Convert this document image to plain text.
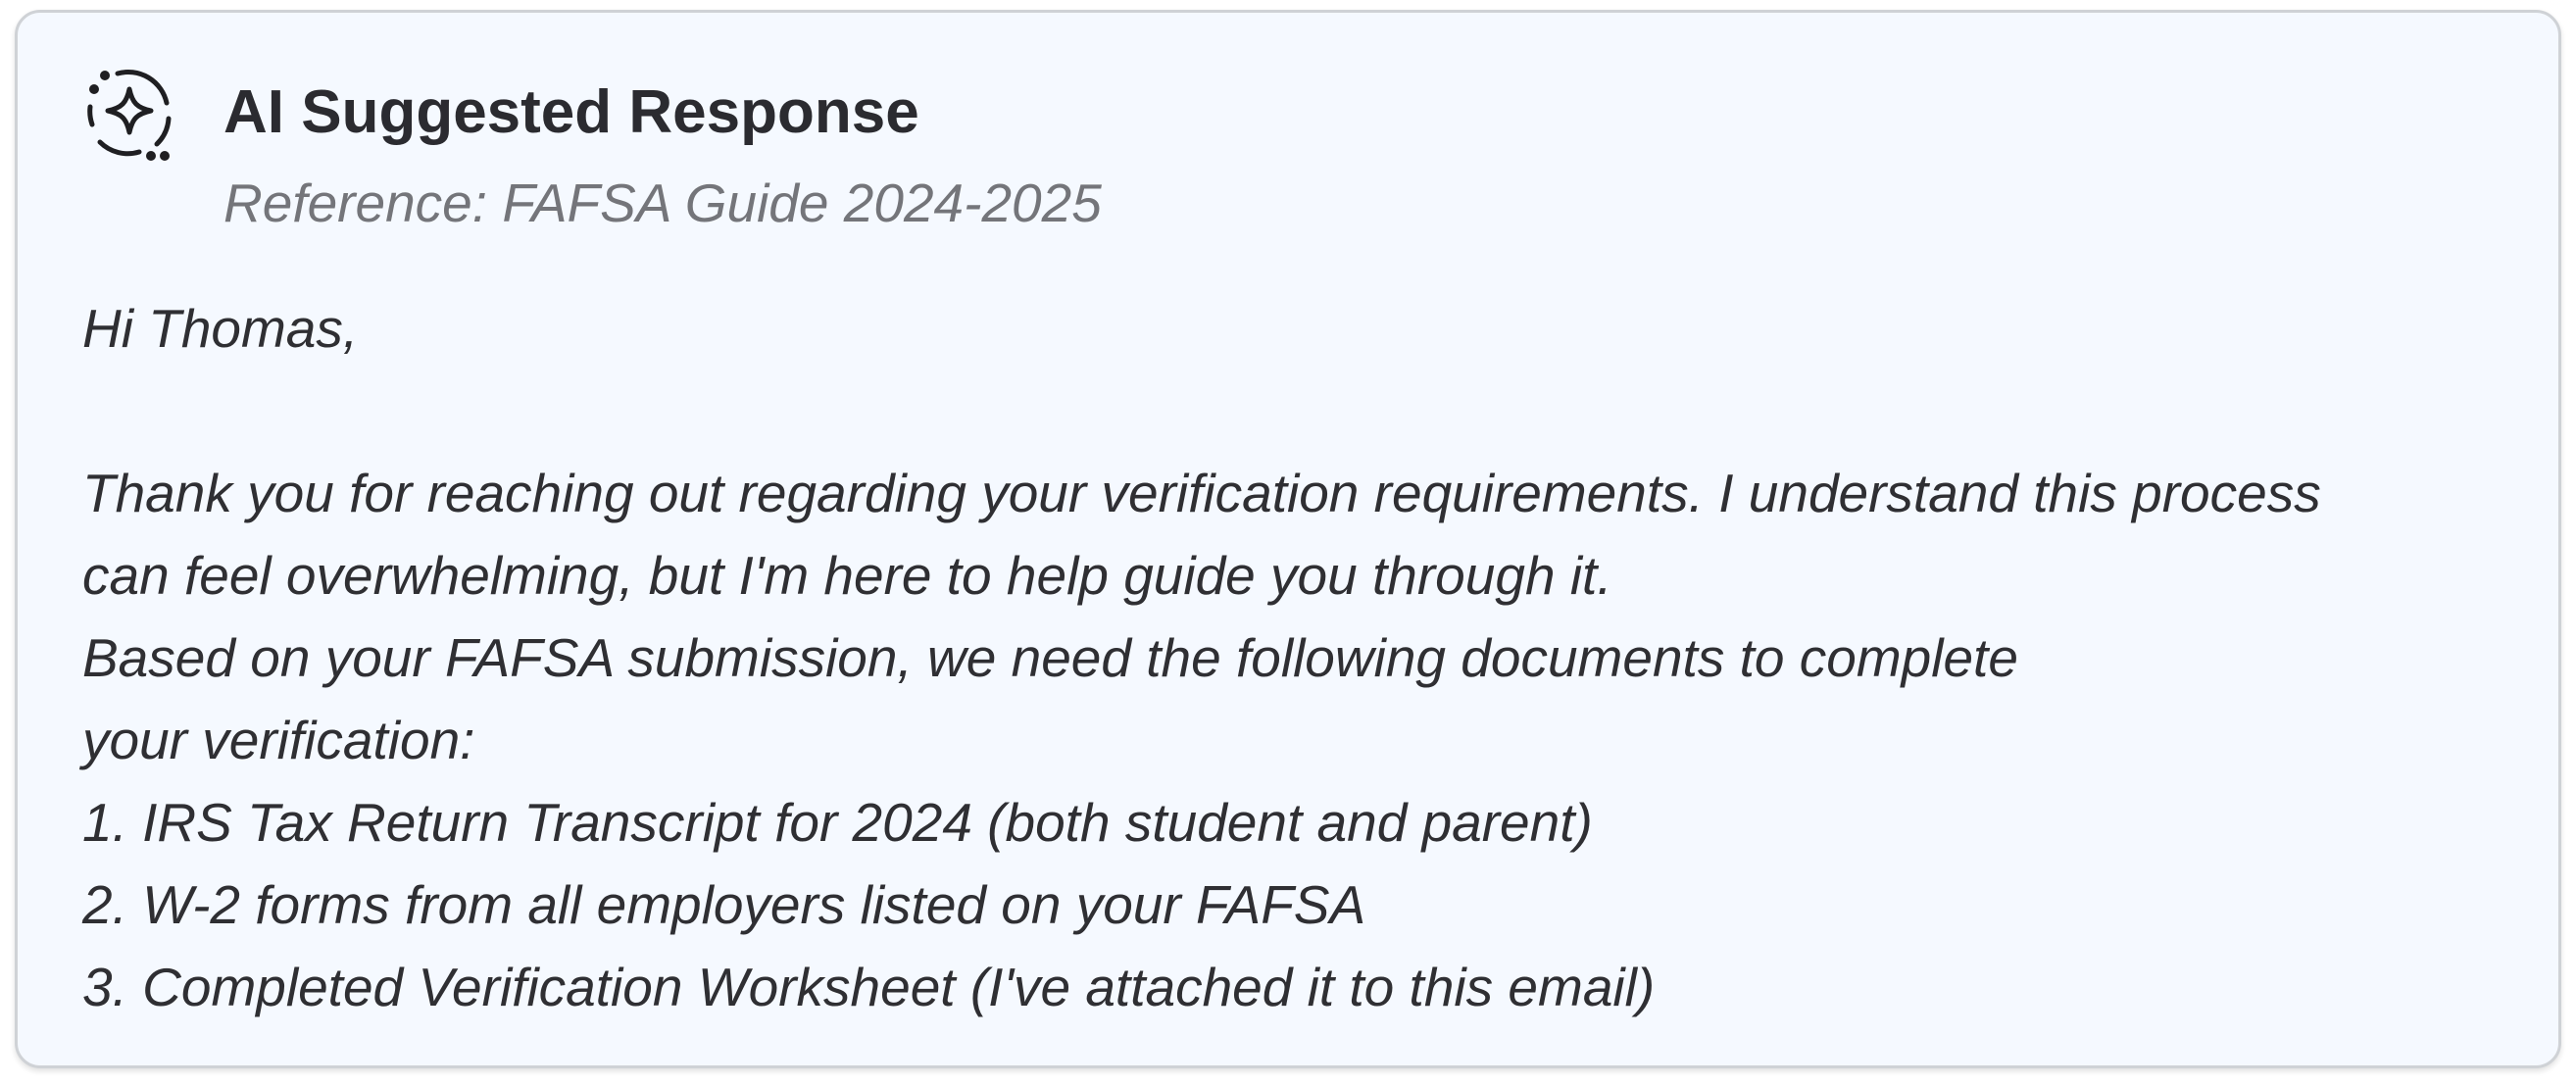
AI Suggested Response
Reference: FAFSA Guide 2024-2025
Hi Thomas,
Thank you for reaching out regarding your verification requirements. I understand this process
can feel overwhelming, but I'm here to help guide you through it.
Based on your FAFSA submission, we need the following documents to complete
your verification:
1. IRS Tax Return Transcript for 2024 (both student and parent)
2. W-2 forms from all employers listed on your FAFSA
3. Completed Verification Worksheet (I've attached it to this email)
